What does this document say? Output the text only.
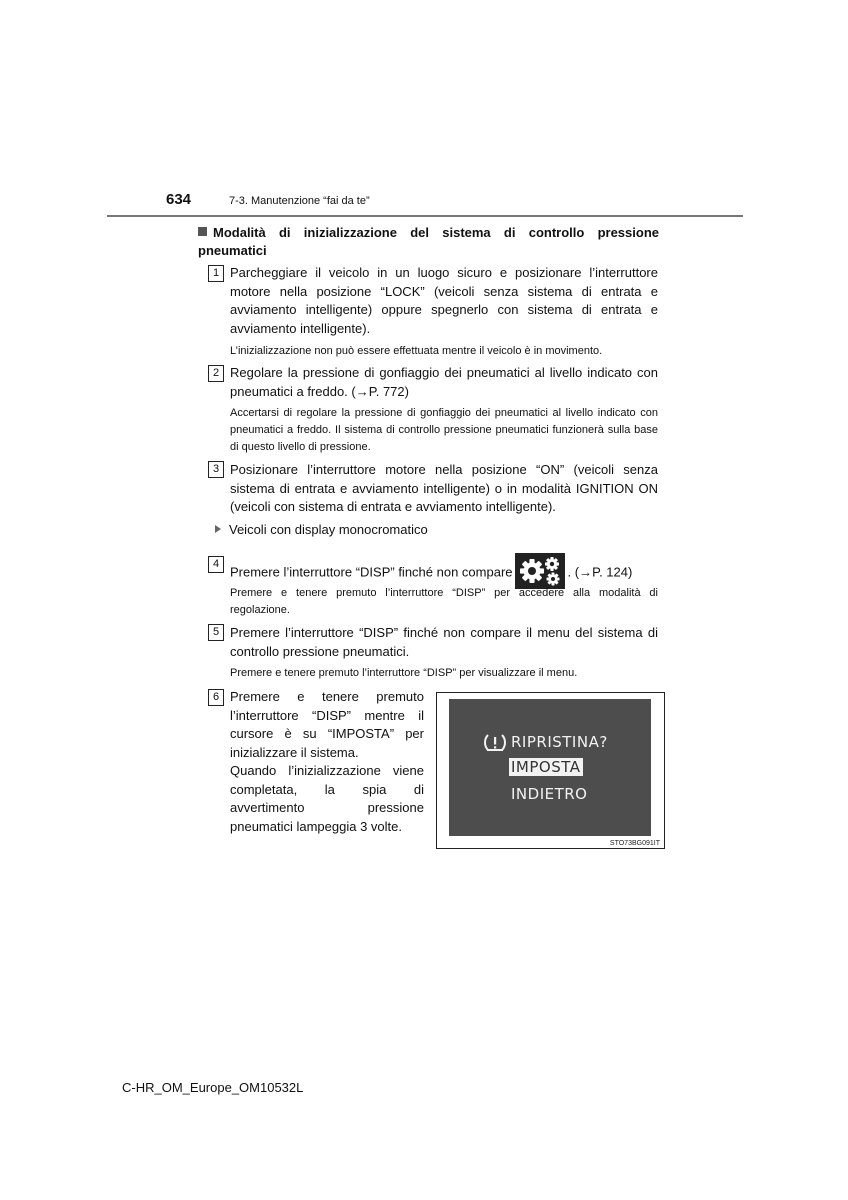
634	7-3. Manutenzione “fai da te”
Modalità di inizializzazione del sistema di controllo pressione pneumatici
1 Parcheggiare il veicolo in un luogo sicuro e posizionare l’interruttore motore nella posizione “LOCK” (veicoli senza sistema di entrata e avviamento intelligente) oppure spegnerlo con sistema di entrata e avviamento intelligente).
L’inizializzazione non può essere effettuata mentre il veicolo è in movimento.
2 Regolare la pressione di gonfiaggio dei pneumatici al livello indicato con pneumatici a freddo. (→P. 772)
Accertarsi di regolare la pressione di gonfiaggio dei pneumatici al livello indicato con pneumatici a freddo. Il sistema di controllo pressione pneumatici funzionerà sulla base di questo livello di pressione.
3 Posizionare l’interruttore motore nella posizione “ON” (veicoli senza sistema di entrata e avviamento intelligente) o in modalità IGNITION ON (veicoli con sistema di entrata e avviamento intelligente).
Veicoli con display monocromatico
4
Premere l’interruttore “DISP” finché non compare	. (→P. 124)
Premere e tenere premuto l’interruttore “DISP” per accedere alla modalità di regolazione.
5 Premere l’interruttore “DISP” finché non compare il menu del sistema di controllo pressione pneumatici.
Premere e tenere premuto l’interruttore “DISP” per visualizzare il menu.
6 Premere e tenere premuto l’interruttore “DISP” mentre il cursore è su “IMPOSTA” per inizializzare il sistema.
Quando l’inizializzazione viene completata, la spia di avvertimento pressione pneumatici lampeggia 3 volte.
RIPRISTINA?
IMPOSTA
INDIETRO
STO73BG091IT
C-HR_OM_Europe_OM10532L
